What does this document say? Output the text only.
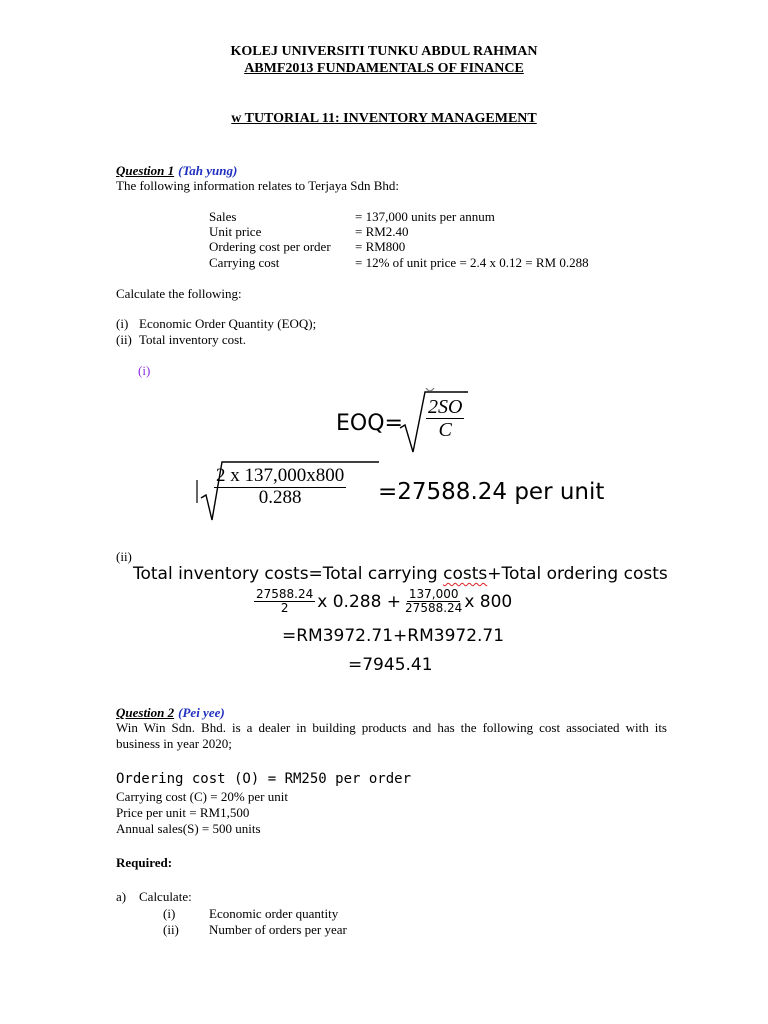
KOLEJ UNIVERSITI TUNKU ABDUL RAHMAN
ABMF2013 FUNDAMENTALS OF FINANCE
w TUTORIAL 11: INVENTORY MANAGEMENT
Question 1 (Tah yung)
The following information relates to Terjaya Sdn Bhd:
Sales	= 137,000 units per annum
Unit price	= RM2.40
Ordering cost per order = RM800
Carrying cost	= 12% of unit price = 2.4 x 0.12 = RM 0.288
Calculate the following:
(i) Economic Order Quantity (EOQ);
(ii) Total inventory cost.
(i)
$EOQ= \frac{2SO}{C}$
$\frac{2 x 137,000x800}{0.288} =27588.24$ per unit
(ii)
Total inventory costs=Total carrying costs+Total ordering costs
$\frac{27588.24}{2}$ x $0.288 + \frac{137,000}{27588.24}$ x 800
=RM3972.71+RM3972.71
=7945.41
Question 2 (Pei yee)
Win Win Sdn. Bhd. is a dealer in building products and has the following cost associated with its business in year 2020;
Ordering cost (O) = RM250 per order
Carrying cost (C) = 20% per unit
Price per unit = RM1,500
Annual sales(S) = 500 units
Required:
a) Calculate:
(i)	Economic order quantity
(ii) Number of orders per year
